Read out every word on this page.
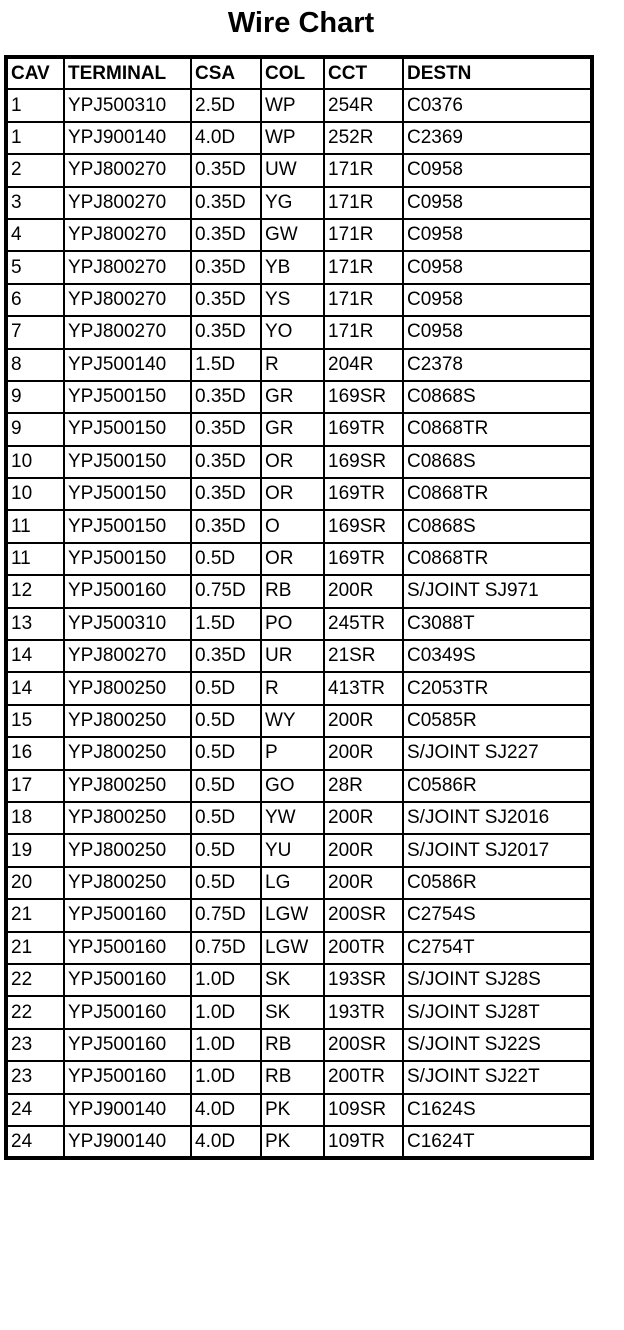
Wire Chart
CAV	TERMINAL	CSA	COL	CCT	DESTN
1	YPJ500310	2.5D	WP	254R	C0376
1	YPJ900140	4.0D	WP	252R	C2369
2	YPJ800270	0.35D	UW	171R	C0958
3	YPJ800270	0.35D	YG	171R	C0958
4	YPJ800270	0.35D	GW	171R	C0958
5	YPJ800270	0.35D	YB	171R	C0958
6	YPJ800270	0.35D	YS	171R	C0958
7	YPJ800270	0.35D	YO	171R	C0958
8	YPJ500140	1.5D	R	204R	C2378
9	YPJ500150	0.35D	GR	169SR	C0868S
9	YPJ500150	0.35D	GR	169TR	C0868TR
10	YPJ500150	0.35D	OR	169SR	C0868S
10	YPJ500150	0.35D	OR	169TR	C0868TR
11	YPJ500150	0.35D	O	169SR	C0868S
11	YPJ500150	0.5D	OR	169TR	C0868TR
12	YPJ500160	0.75D	RB	200R	S/JOINT SJ971
13	YPJ500310	1.5D	PO	245TR	C3088T
14	YPJ800270	0.35D	UR	21SR	C0349S
14	YPJ800250	0.5D	R	413TR	C2053TR
15	YPJ800250	0.5D	WY	200R	C0585R
16	YPJ800250	0.5D	P	200R	S/JOINT SJ227
17	YPJ800250	0.5D	GO	28R	C0586R
18	YPJ800250	0.5D	YW	200R	S/JOINT SJ2016
19	YPJ800250	0.5D	YU	200R	S/JOINT SJ2017
20	YPJ800250	0.5D	LG	200R	C0586R
21	YPJ500160	0.75D	LGW	200SR	C2754S
21	YPJ500160	0.75D	LGW	200TR	C2754T
22	YPJ500160	1.0D	SK	193SR	S/JOINT SJ28S
22	YPJ500160	1.0D	SK	193TR	S/JOINT SJ28T
23	YPJ500160	1.0D	RB	200SR	S/JOINT SJ22S
23	YPJ500160	1.0D	RB	200TR	S/JOINT SJ22T
24	YPJ900140	4.0D	PK	109SR	C1624S
24	YPJ900140	4.0D	PK	109TR	C1624T
